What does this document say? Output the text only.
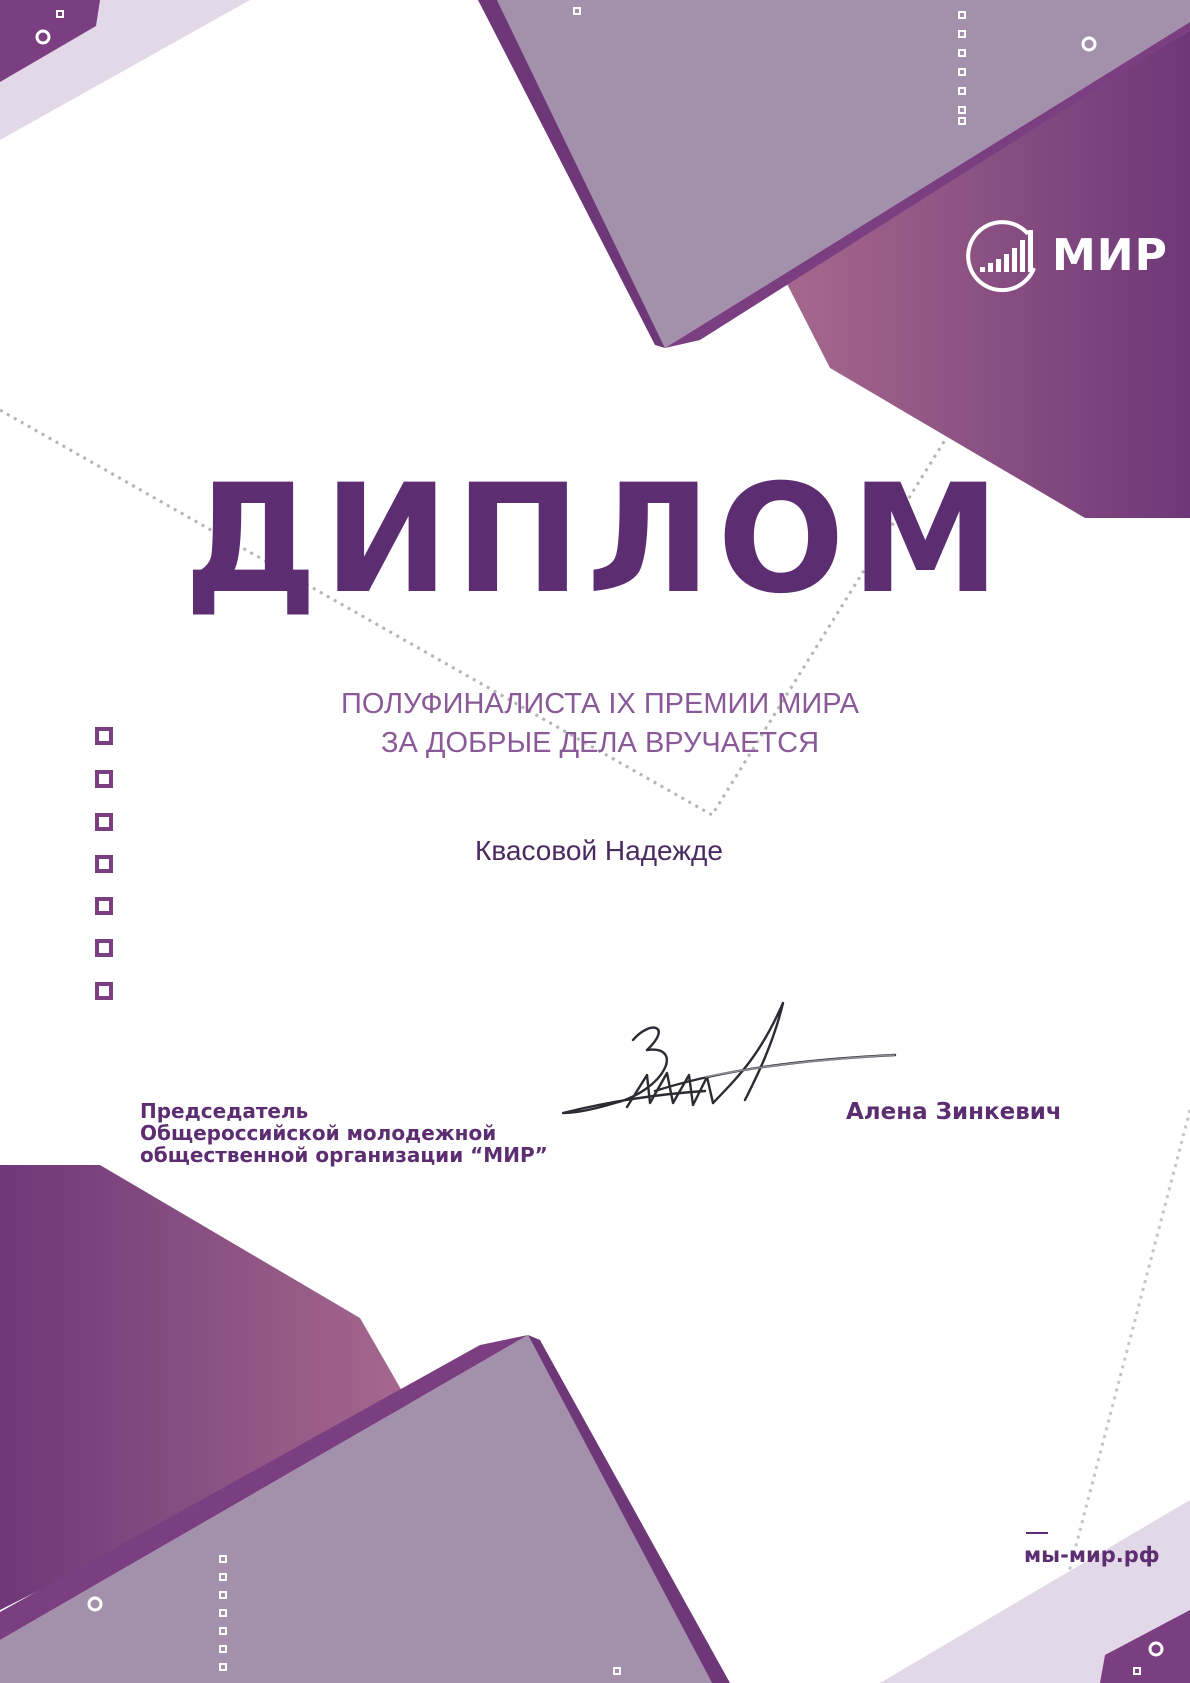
МИР
ДИПЛОМ
ПОЛУФИНАЛИСТА IX ПРЕМИИ МИРА
ЗА ДОБРЫЕ ДЕЛА ВРУЧАЕТСЯ
Квасовой Надежде
Председатель
Общероссийской молодежной
общественной организации “МИР”
Алена Зинкевич
мы-мир.рф
